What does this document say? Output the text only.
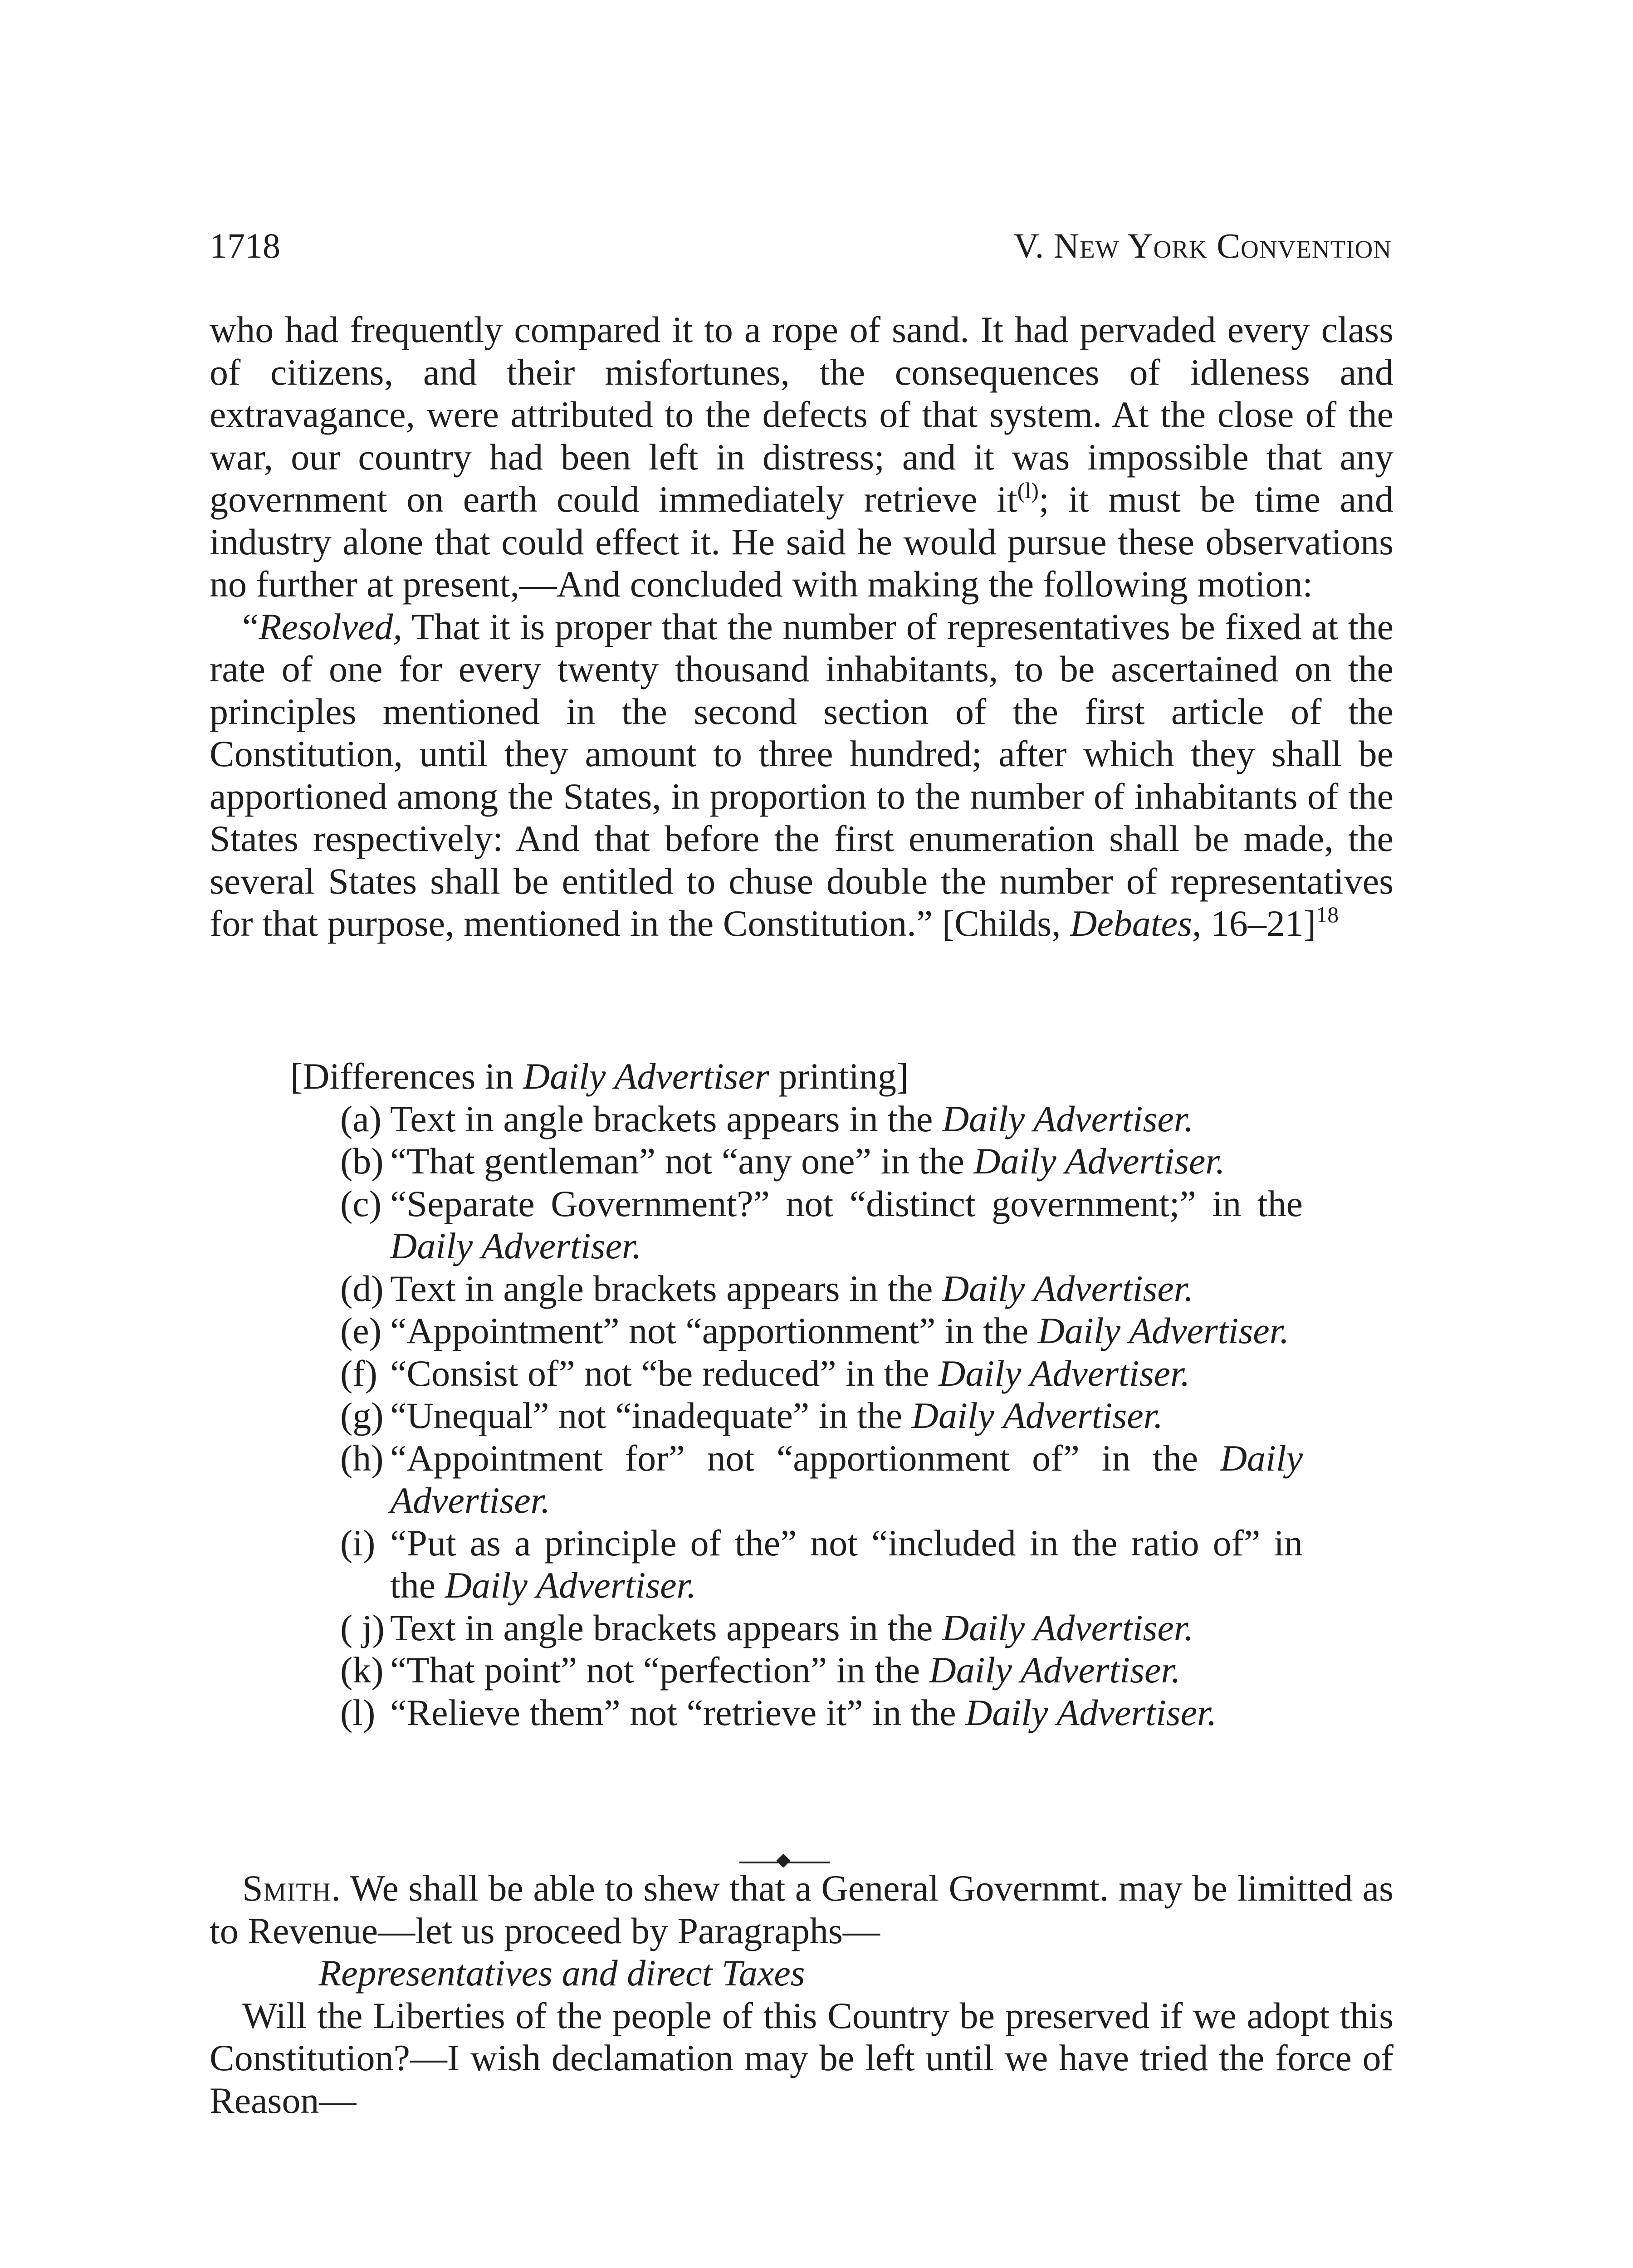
1718	V. New York Convention

who had frequently compared it to a rope of sand. It had pervaded every class of citizens, and their misfortunes, the consequences of idleness and extravagance, were attributed to the defects of that system. At the close of the war, our country had been left in distress; and it was impossible that any government on earth could immediately retrieve $it^{(l)}$; it must be time and industry alone that could effect it. He said he would pursue these observations no further at present,—And concluded with making the following motion:

“Resolved, That it is proper that the number of representatives be fixed at the rate of one for every twenty thousand inhabitants, to be ascertained on the principles mentioned in the second section of the first article of the Constitution, until they amount to three hundred; after which they shall be apportioned among the States, in proportion to the number of inhabitants of the States respectively: And that before the first enumeration shall be made, the several States shall be entitled to chuse double the number of representatives for that purpose, mentioned in the Constitution.” [Childs, Debates, 16–21]$^{18}$

[Differences in Daily Advertiser printing]

(a) Text in angle brackets appears in the Daily Advertiser.
(b) “That gentleman” not “any one” in the Daily Advertiser.
(c) “Separate Government?” not “distinct government;” in the Daily Advertiser.
(d) Text in angle brackets appears in the Daily Advertiser.
(e) “Appointment” not “apportionment” in the Daily Advertiser.
(f) “Consist of” not “be reduced” in the Daily Advertiser.
(g) “Unequal” not “inadequate” in the Daily Advertiser.
(h) “Appointment for” not “apportionment of” in the Daily Advertiser.
(i) “Put as a principle of the” not “included in the ratio of” in the Daily Advertiser.
( j) Text in angle brackets appears in the Daily Advertiser.
(k) “That point” not “perfection” in the Daily Advertiser.
(l) “Relieve them” not “retrieve it” in the Daily Advertiser.

Smith. We shall be able to shew that a General Governmt. may be limitted as to Revenue—let us proceed by Paragraphs—

Representatives and direct Taxes

Will the Liberties of the people of this Country be preserved if we adopt this Constitution?—I wish declamation may be left until we have tried the force of Reason—
